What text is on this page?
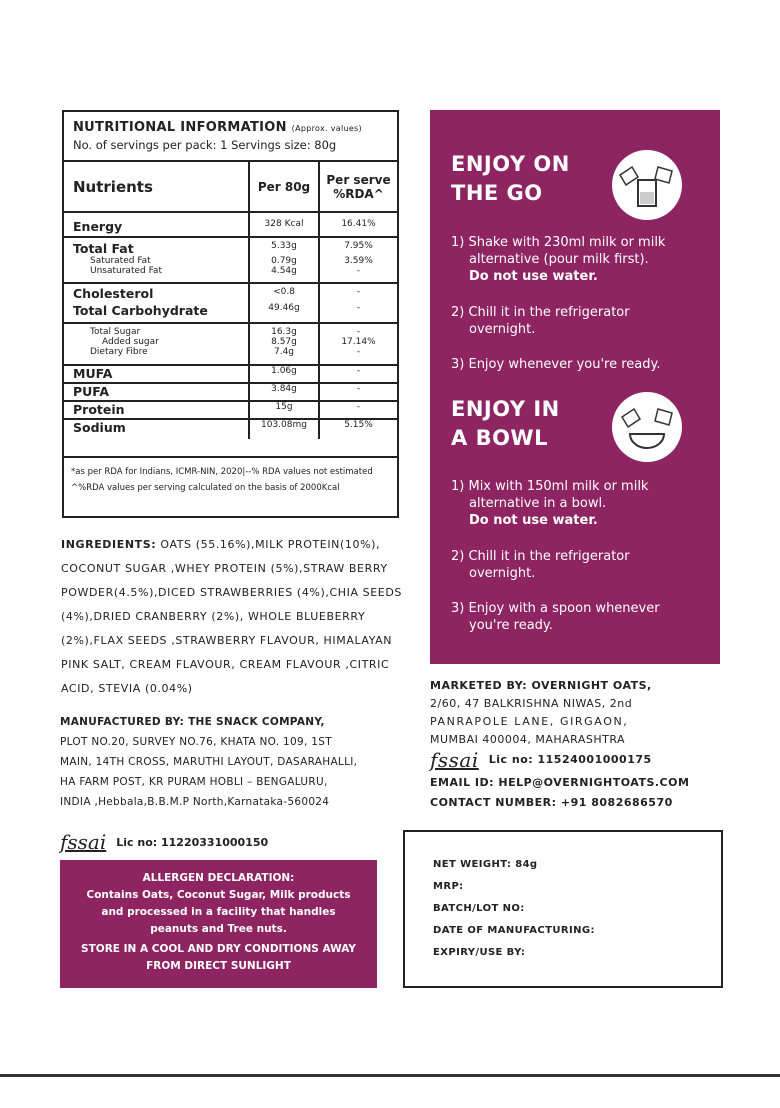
NUTRITIONAL INFORMATION (Approx. values)
No. of servings per pack: 1 Servings size: 80g
Nutrients	Per 80g	Per serve %RDA^
Energy	328 Kcal	16.41%
Total Fat	5.33g	7.95%
Saturated Fat	0.79g	3.59%
Unsaturated Fat	4.54g	-
Cholesterol	<0.8	-
Total Carbohydrate	49.46g	-
Total Sugar	16.3g	-
Added sugar	8.57g	17.14%
Dietary Fibre	7.4g	-
MUFA	1.06g	-
PUFA	3.84g	-
Protein	15g	-
Sodium	103.08mg	5.15%
*as per RDA for Indians, ICMR-NIN, 2020|--% RDA values not estimated ^%RDA values per serving calculated on the basis of 2000Kcal
INGREDIENTS: OATS (55.16%),MILK PROTEIN(10%), COCONUT SUGAR ,WHEY PROTEIN (5%),STRAW BERRY POWDER(4.5%),DICED STRAWBERRIES (4%),CHIA SEEDS (4%),DRIED CRANBERRY (2%), WHOLE BLUEBERRY (2%),FLAX SEEDS ,STRAWBERRY FLAVOUR, HIMALAYAN PINK SALT, CREAM FLAVOUR, CREAM FLAVOUR ,CITRIC ACID, STEVIA (0.04%)
MANUFACTURED BY: THE SNACK COMPANY,
PLOT NO.20, SURVEY NO.76, KHATA NO. 109, 1ST MAIN, 14TH CROSS, MARUTHI LAYOUT, DASARAHALLI, HA FARM POST, KR PURAM HOBLI – BENGALURU, INDIA ,Hebbala,B.B.M.P North,Karnataka-560024
fssai Lic no: 11220331000150
ALLERGEN DECLARATION:
Contains Oats, Coconut Sugar, Milk products and processed in a facility that handles peanuts and Tree nuts.
STORE IN A COOL AND DRY CONDITIONS AWAY FROM DIRECT SUNLIGHT
ENJOY ON
THE GO
1) Shake with 230ml milk or milk
alternative (pour milk first).
Do not use water.
2) Chill it in the refrigerator
overnight.
3) Enjoy whenever you're ready.
ENJOY IN
A BOWL
1) Mix with 150ml milk or milk
alternative in a bowl.
Do not use water.
2) Chill it in the refrigerator
overnight.
3) Enjoy with a spoon whenever
you're ready.
MARKETED BY: OVERNIGHT OATS,
2/60, 47 BALKRISHNA NIWAS, 2nd
PANRAPOLE LANE, GIRGAON,
MUMBAI 400004, MAHARASHTRA
fssai Lic no: 11524001000175
EMAIL ID: HELP@OVERNIGHTOATS.COM
CONTACT NUMBER: +91 8082686570
NET WEIGHT: 84g
MRP:
BATCH/LOT NO:
DATE OF MANUFACTURING:
EXPIRY/USE BY:
